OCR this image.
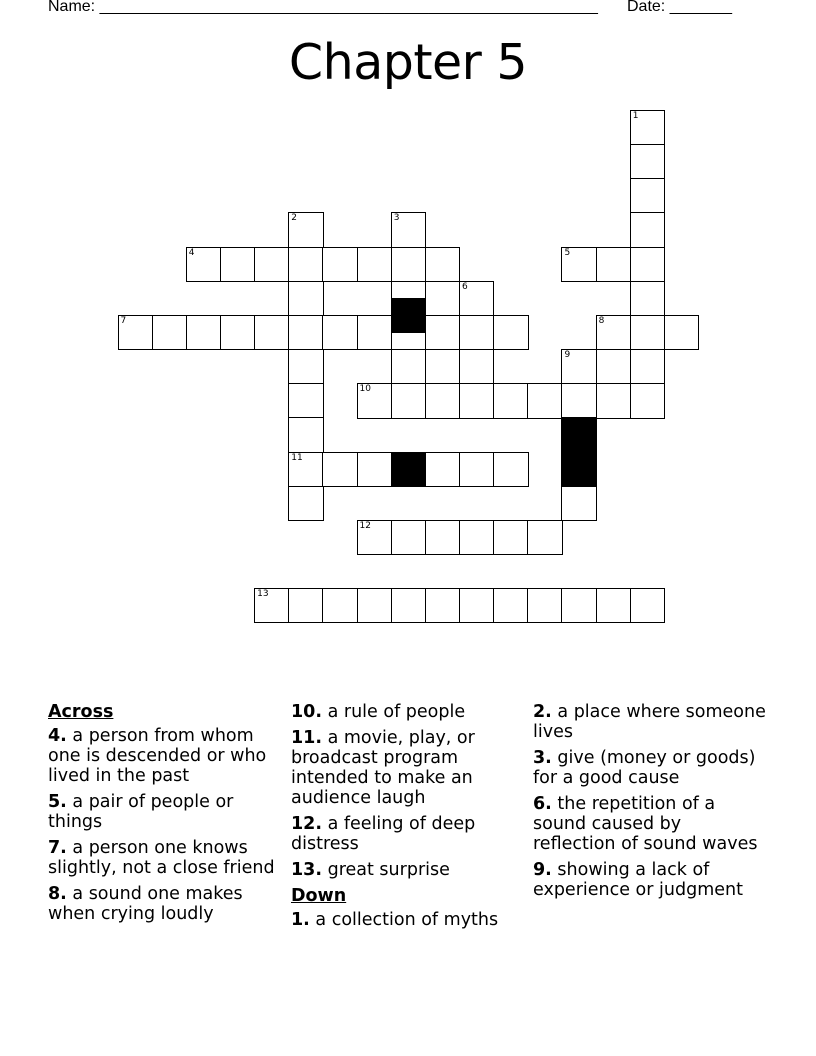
Name: ________________________________________________________ Date: _______
Chapter 5
1
2	3
4	5
6
7	8
9
10
11
12
13
Across
4. a person from whom one is descended or who lived in the past
5. a pair of people or things
7. a person one knows slightly, not a close friend
8. a sound one makes when crying loudly
10. a rule of people
11. a movie, play, or broadcast program intended to make an audience laugh
12. a feeling of deep distress
13. great surprise
Down
1. a collection of myths
2. a place where someone lives
3. give (money or goods) for a good cause
6. the repetition of a sound caused by reflection of sound waves
9. showing a lack of experience or judgment
